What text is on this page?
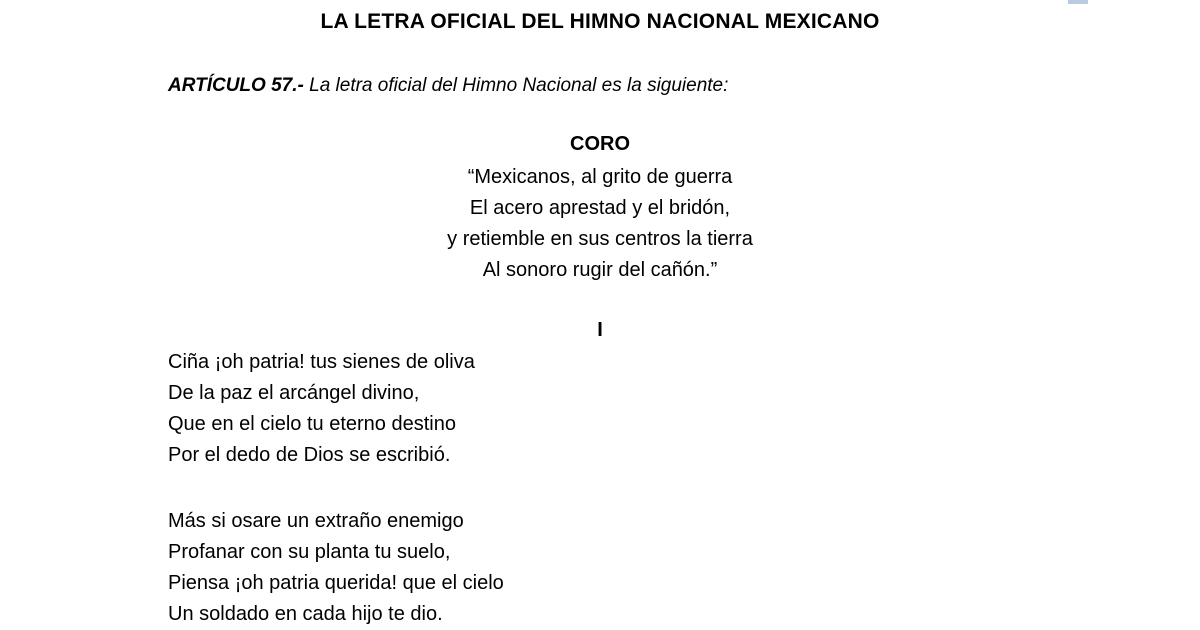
LA LETRA OFICIAL DEL HIMNO NACIONAL MEXICANO
ARTÍCULO 57.- La letra oficial del Himno Nacional es la siguiente:
CORO
“Mexicanos, al grito de guerra
El acero aprestad y el bridón,
y retiemble en sus centros la tierra
Al sonoro rugir del cañón.”
I
Ciña ¡oh patria! tus sienes de oliva
De la paz el arcángel divino,
Que en el cielo tu eterno destino
Por el dedo de Dios se escribió.
Más si osare un extraño enemigo
Profanar con su planta tu suelo,
Piensa ¡oh patria querida! que el cielo
Un soldado en cada hijo te dio.
